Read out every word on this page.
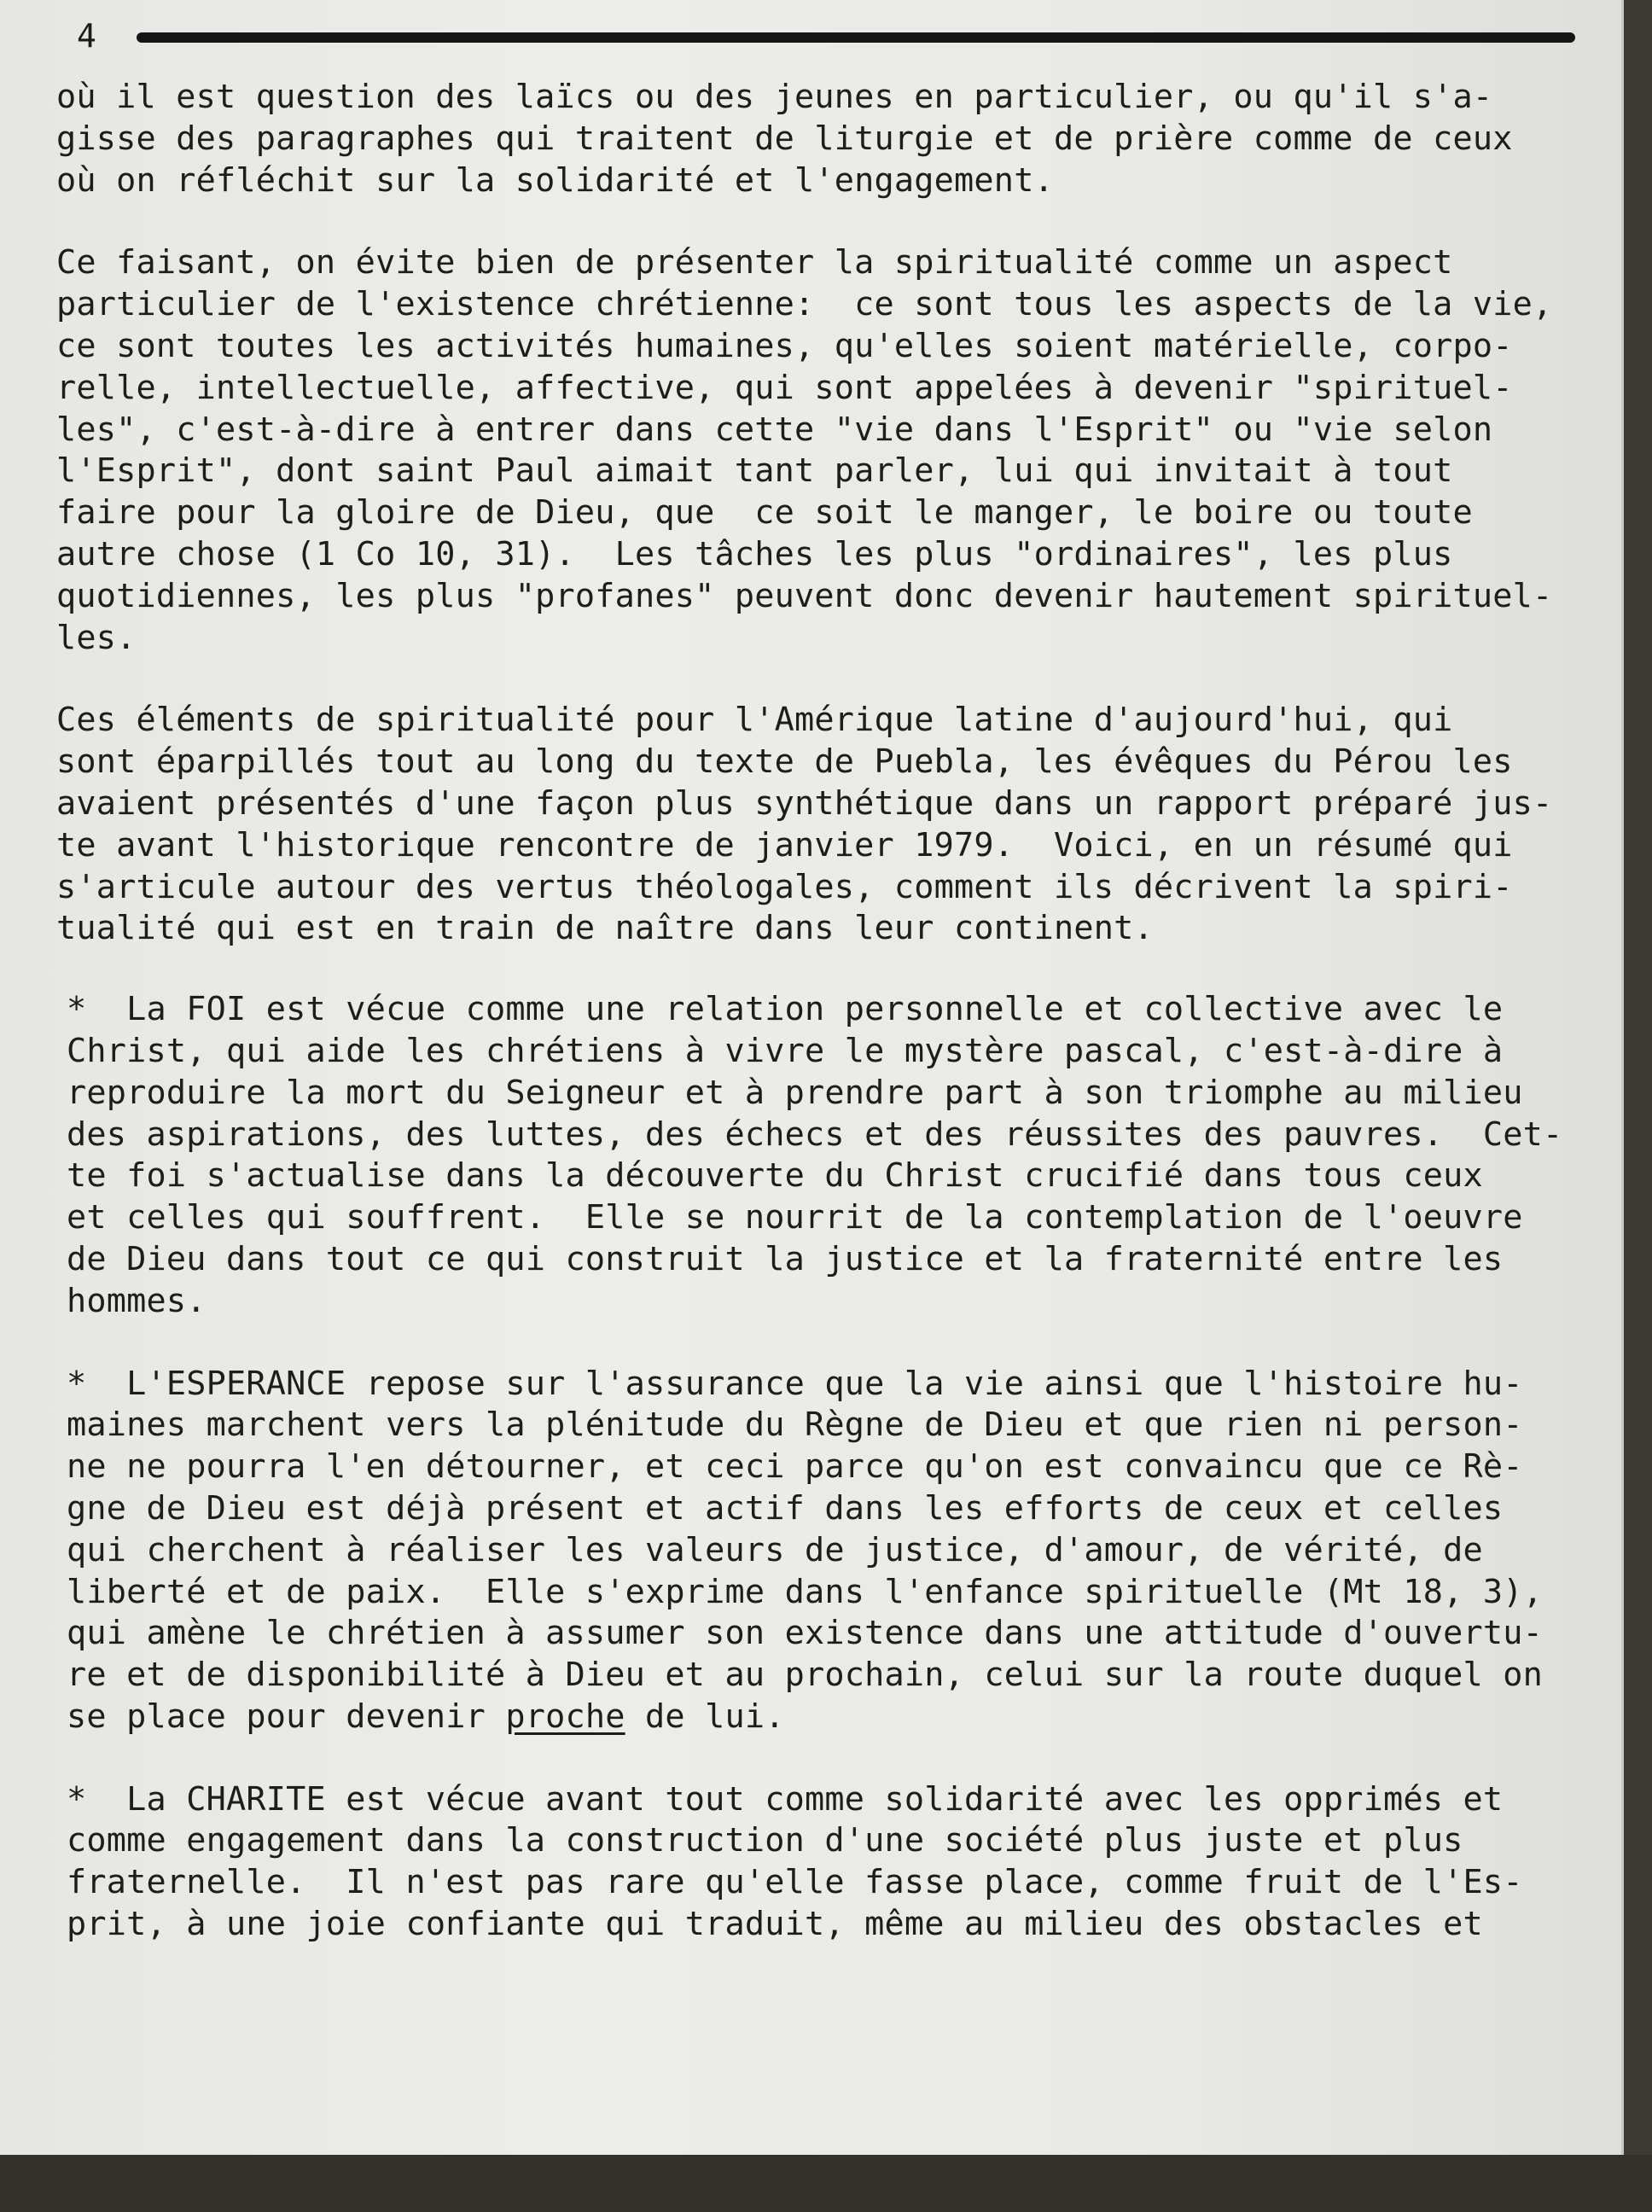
4
où il est question des laïcs ou des jeunes en particulier, ou qu'il s'a-
gisse des paragraphes qui traitent de liturgie et de prière comme de ceux
où on réfléchit sur la solidarité et l'engagement.
Ce faisant, on évite bien de présenter la spiritualité comme un aspect
particulier de l'existence chrétienne:  ce sont tous les aspects de la vie,
ce sont toutes les activités humaines, qu'elles soient matérielle, corpo-
relle, intellectuelle, affective, qui sont appelées à devenir "spirituel-
les", c'est-à-dire à entrer dans cette "vie dans l'Esprit" ou "vie selon
l'Esprit", dont saint Paul aimait tant parler, lui qui invitait à tout
faire pour la gloire de Dieu, que  ce soit le manger, le boire ou toute
autre chose (1 Co 10, 31).  Les tâches les plus "ordinaires", les plus
quotidiennes, les plus "profanes" peuvent donc devenir hautement spirituel-
les.
Ces éléments de spiritualité pour l'Amérique latine d'aujourd'hui, qui
sont éparpillés tout au long du texte de Puebla, les évêques du Pérou les
avaient présentés d'une façon plus synthétique dans un rapport préparé jus-
te avant l'historique rencontre de janvier 1979.  Voici, en un résumé qui
s'articule autour des vertus théologales, comment ils décrivent la spiri-
tualité qui est en train de naître dans leur continent.
*  La FOI est vécue comme une relation personnelle et collective avec le
Christ, qui aide les chrétiens à vivre le mystère pascal, c'est-à-dire à
reproduire la mort du Seigneur et à prendre part à son triomphe au milieu
des aspirations, des luttes, des échecs et des réussites des pauvres.  Cet-
te foi s'actualise dans la découverte du Christ crucifié dans tous ceux
et celles qui souffrent.  Elle se nourrit de la contemplation de l'oeuvre
de Dieu dans tout ce qui construit la justice et la fraternité entre les
hommes.
*  L'ESPERANCE repose sur l'assurance que la vie ainsi que l'histoire hu-
maines marchent vers la plénitude du Règne de Dieu et que rien ni person-
ne ne pourra l'en détourner, et ceci parce qu'on est convaincu que ce Rè-
gne de Dieu est déjà présent et actif dans les efforts de ceux et celles
qui cherchent à réaliser les valeurs de justice, d'amour, de vérité, de
liberté et de paix.  Elle s'exprime dans l'enfance spirituelle (Mt 18, 3),
qui amène le chrétien à assumer son existence dans une attitude d'ouvertu-
re et de disponibilité à Dieu et au prochain, celui sur la route duquel on
se place pour devenir proche de lui.
*  La CHARITE est vécue avant tout comme solidarité avec les opprimés et
comme engagement dans la construction d'une société plus juste et plus
fraternelle.  Il n'est pas rare qu'elle fasse place, comme fruit de l'Es-
prit, à une joie confiante qui traduit, même au milieu des obstacles et
